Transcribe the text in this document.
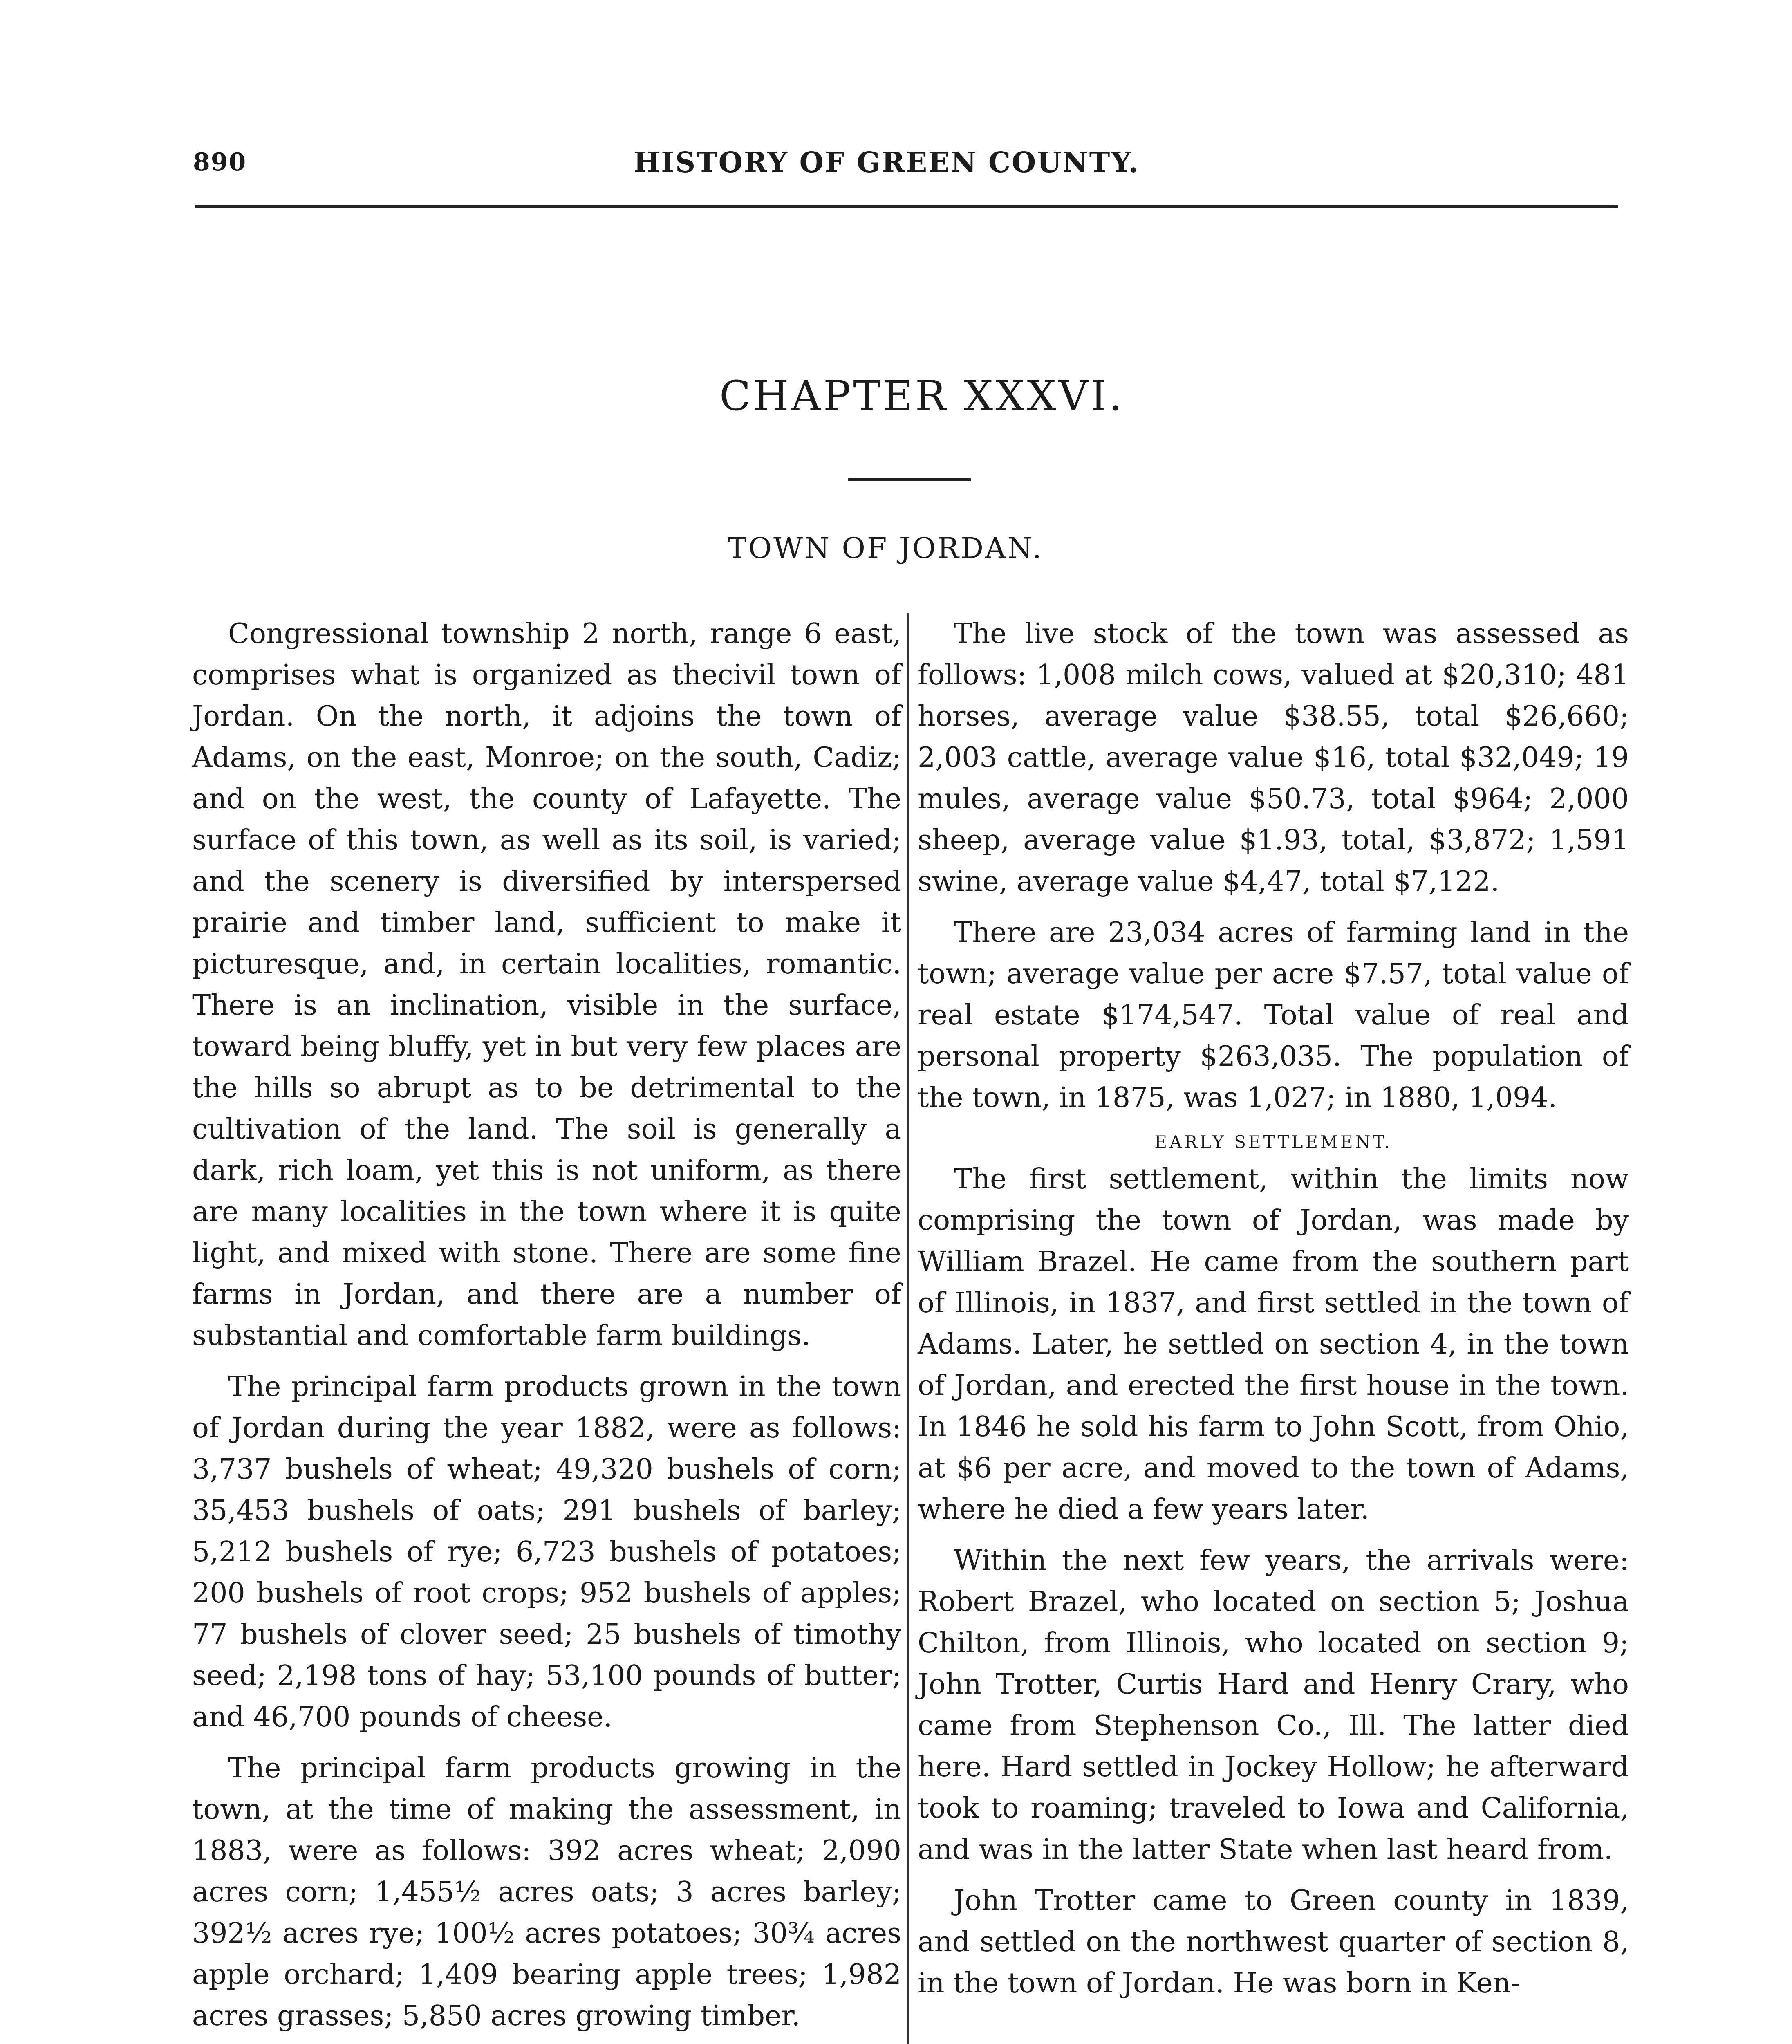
890	HISTORY OF GREEN COUNTY.
CHAPTER XXXVI.
TOWN OF JORDAN.

Congressional township 2 north, range 6 east, comprises what is organized as thecivil town of Jordan. On the north, it adjoins the town of Adams, on the east, Monroe; on the south, Cadiz; and on the west, the county of Lafayette. The surface of this town, as well as its soil, is varied; and the scenery is diversified by interspersed prairie and timber land, sufficient to make it picturesque, and, in certain localities, romantic. There is an inclination, visible in the surface, toward being bluffy, yet in but very few places are the hills so abrupt as to be detrimental to the cultivation of the land. The soil is generally a dark, rich loam, yet this is not uniform, as there are many localities in the town where it is quite light, and mixed with stone. There are some fine farms in Jordan, and there are a number of substantial and comfortable farm buildings.

The principal farm products grown in the town of Jordan during the year 1882, were as follows: 3,737 bushels of wheat; 49,320 bushels of corn; 35,453 bushels of oats; 291 bushels of barley; 5,212 bushels of rye; 6,723 bushels of potatoes; 200 bushels of root crops; 952 bushels of apples; 77 bushels of clover seed; 25 bushels of timothy seed; 2,198 tons of hay; 53,100 pounds of butter; and 46,700 pounds of cheese.

The principal farm products growing in the town, at the time of making the assessment, in 1883, were as follows: 392 acres wheat; 2,090 acres corn; 1,455½ acres oats; 3 acres barley; 392½ acres rye; 100½ acres potatoes; 30¾ acres apple orchard; 1,409 bearing apple trees; 1,982 acres grasses; 5,850 acres growing timber.

The live stock of the town was assessed as follows: 1,008 milch cows, valued at $20,310; 481 horses, average value $38.55, total $26,660; 2,003 cattle, average value $16, total $32,049; 19 mules, average value $50.73, total $964; 2,000 sheep, average value $1.93, total, $3,872; 1,591 swine, average value $4,47, total $7,122.

There are 23,034 acres of farming land in the town; average value per acre $7.57, total value of real estate $174,547. Total value of real and personal property $263,035. The population of the town, in 1875, was 1,027; in 1880, 1,094.

EARLY SETTLEMENT.

The first settlement, within the limits now comprising the town of Jordan, was made by William Brazel. He came from the southern part of Illinois, in 1837, and first settled in the town of Adams. Later, he settled on section 4, in the town of Jordan, and erected the first house in the town. In 1846 he sold his farm to John Scott, from Ohio, at $6 per acre, and moved to the town of Adams, where he died a few years later.

Within the next few years, the arrivals were: Robert Brazel, who located on section 5; Joshua Chilton, from Illinois, who located on section 9; John Trotter, Curtis Hard and Henry Crary, who came from Stephenson Co., Ill. The latter died here. Hard settled in Jockey Hollow; he afterward took to roaming; traveled to Iowa and California, and was in the latter State when last heard from.

John Trotter came to Green county in 1839, and settled on the northwest quarter of section 8, in the town of Jordan. He was born in Ken-
